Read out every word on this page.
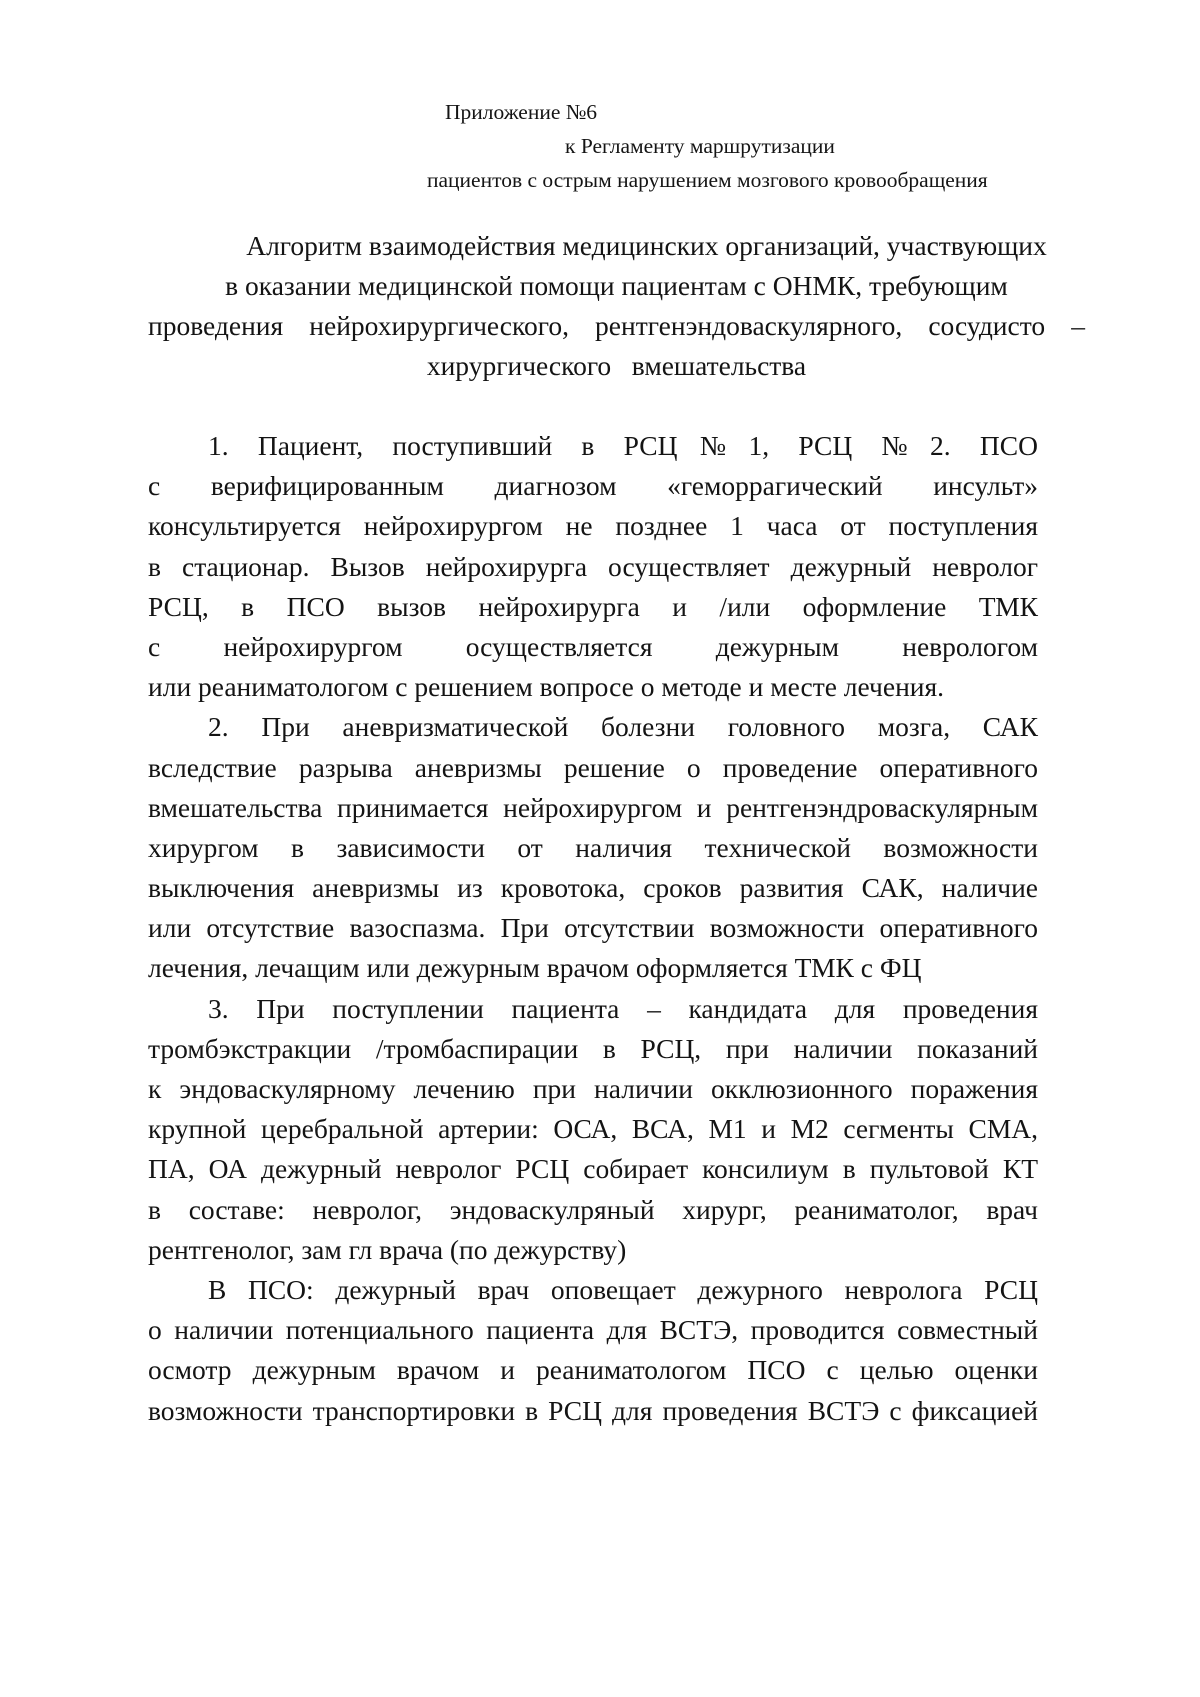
Приложение №6
к Регламенту маршрутизации
пациентов с острым нарушением мозгового кровообращения
Алгоритм взаимодействия медицинских организаций, участвующих
в оказании медицинской помощи пациентам с ОНМК, требующим
проведения нейрохирургического, рентгенэндоваскулярного, сосудисто –
хирургического   вмешательства
1. Пациент, поступивший в РСЦ№1, РСЦ №2. ПСО
с верифицированным диагнозом «геморрагический инсульт»
консультируется нейрохирургом не позднее 1 часа от поступления
в стационар. Вызов нейрохирурга осуществляет дежурный невролог
РСЦ, в ПСО вызов нейрохирурга и /или оформление ТМК
с нейрохирургом осуществляется дежурным неврологом
или реаниматологом с решением вопросе о методе и месте лечения.
2. При аневризматической болезни головного мозга, САК
вследствие разрыва аневризмы решение о проведение оперативного
вмешательства принимается нейрохирургом и рентгенэндроваскулярным
хирургом в зависимости от наличия технической возможности
выключения аневризмы из кровотока, сроков развития САК, наличие
или отсутствие вазоспазма. При отсутствии возможности оперативного
лечения, лечащим или дежурным врачом оформляется ТМК с ФЦ
3. При поступлении пациента – кандидата для проведения
тромбэкстракции /тромбаспирации в РСЦ, при наличии показаний
к эндоваскулярному лечению при наличии окклюзионного поражения
крупной церебральной артерии: ОСА, ВСА, М1 и М2 сегменты СМА,
ПА, ОА дежурный невролог РСЦ собирает консилиум в пультовой КТ
в составе: невролог, эндоваскулряный хирург, реаниматолог, врач
рентгенолог, зам гл врача (по дежурству)
В ПСО: дежурный врач оповещает дежурного невролога РСЦ
о наличии потенциального пациента для ВСТЭ, проводится совместный
осмотр дежурным врачом и реаниматологом ПСО с целью оценки
возможности транспортировки в РСЦ для проведения ВСТЭ с фиксацией
